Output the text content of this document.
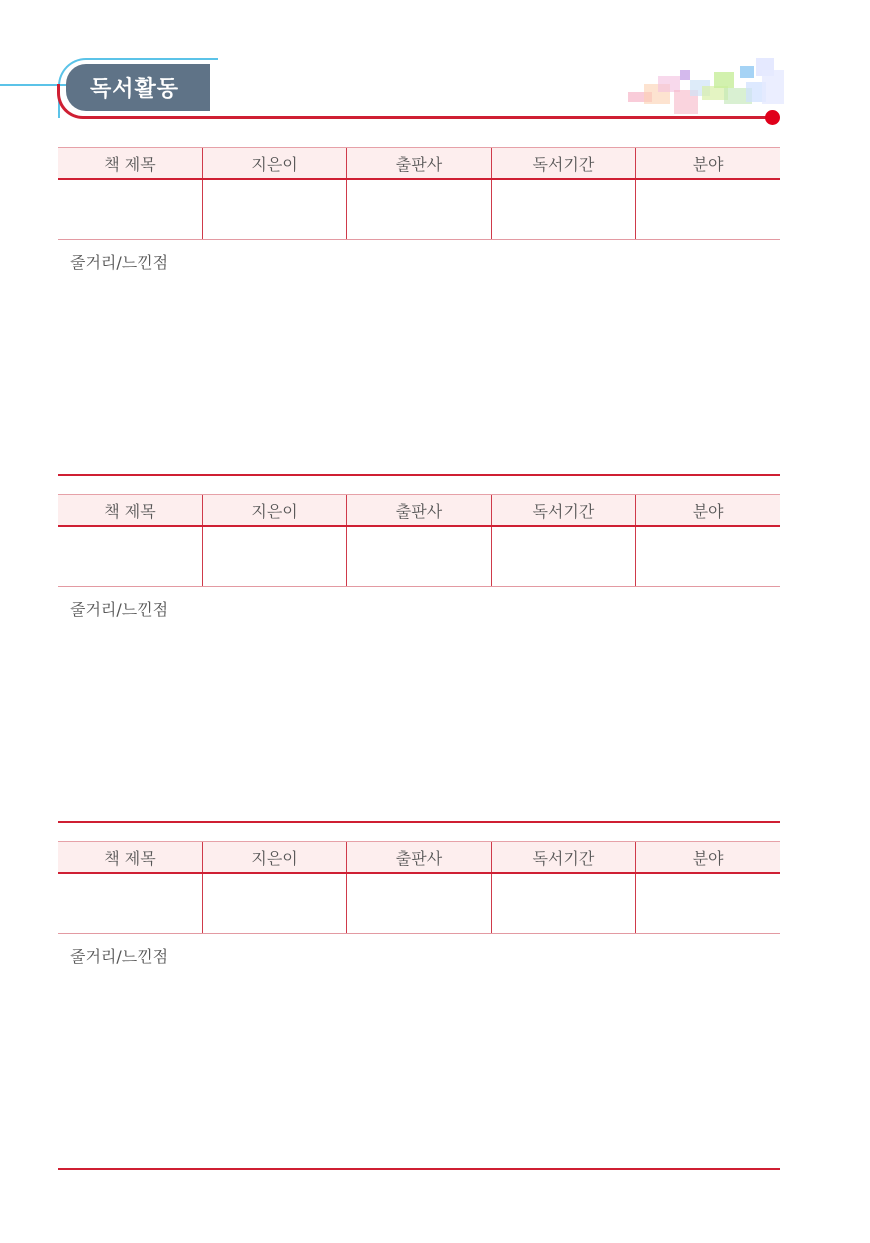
독서활동
책 제목	지은이	출판사	독서기간	분야

줄거리/느낀점
책 제목	지은이	출판사	독서기간	분야

줄거리/느낀점
책 제목	지은이	출판사	독서기간	분야

줄거리/느낀점
